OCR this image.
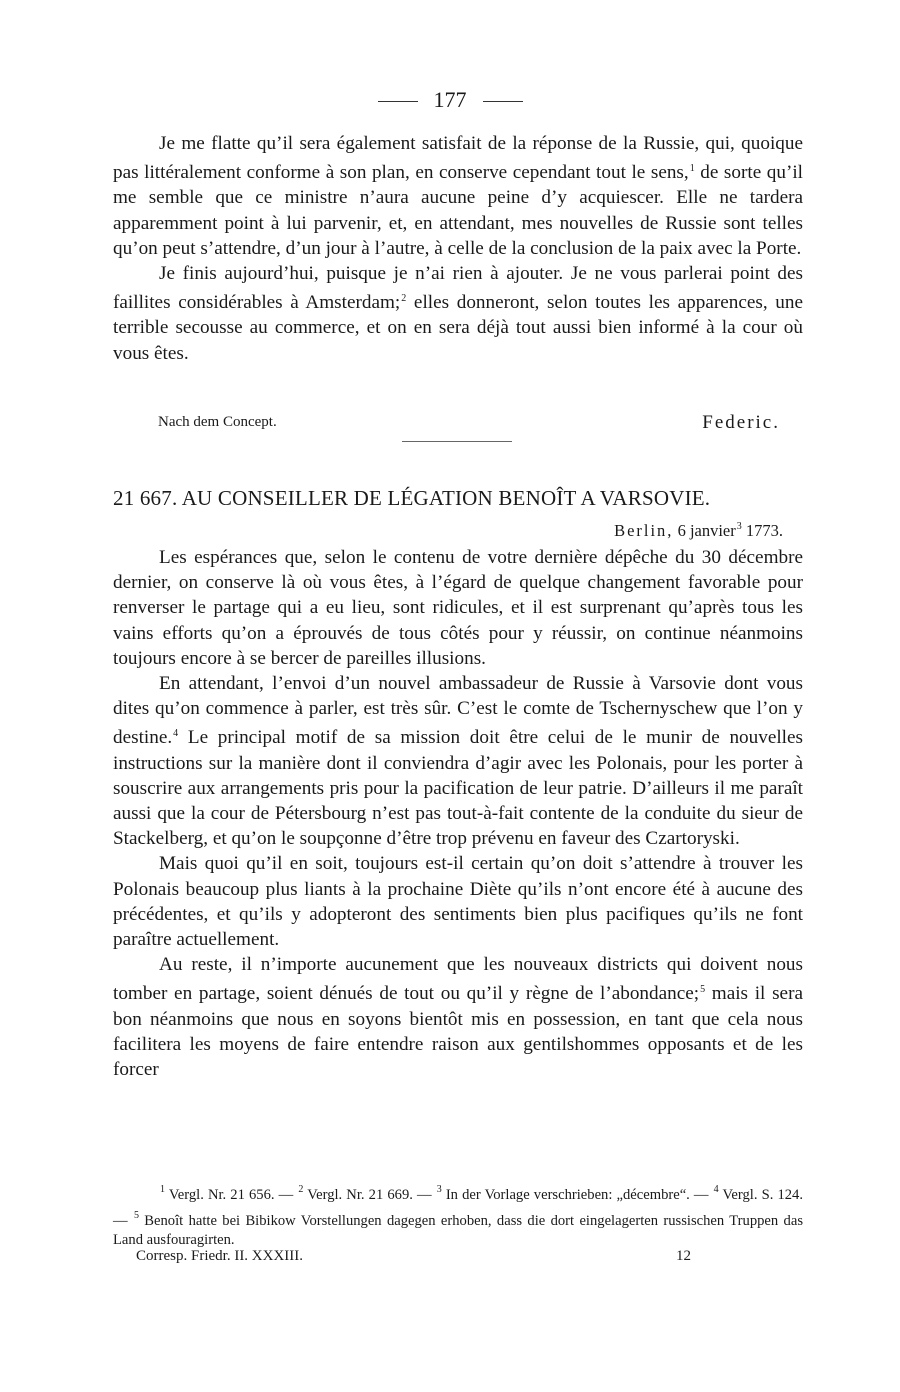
177

Je me flatte qu’il sera également satisfait de la réponse de la Russie, qui, quoique pas littéralement conforme à son plan, en conserve cependant tout le sens,$^1$ de sorte qu’il me semble que ce ministre n’aura aucune peine d’y acquiescer. Elle ne tardera apparemment point à lui parvenir, et, en attendant, mes nouvelles de Russie sont telles qu’on peut s’attendre, d’un jour à l’autre, à celle de la conclusion de la paix avec la Porte.

Je finis aujourd’hui, puisque je n’ai rien à ajouter. Je ne vous parlerai point des faillites considérables à Amsterdam;$^2$ elles donneront, selon toutes les apparences, une terrible secousse au commerce, et on en sera déjà tout aussi bien informé à la cour où vous êtes.

Nach dem Concept.	Federic.
21 667. AU CONSEILLER DE LÉGATION BENOÎT A VARSOVIE.
Berlin, 6 janvier$^3$ 1773.

Les espérances que, selon le contenu de votre dernière dépêche du 30 décembre dernier, on conserve là où vous êtes, à l’égard de quelque changement favorable pour renverser le partage qui a eu lieu, sont ridicules, et il est surprenant qu’après tous les vains efforts qu’on a éprouvés de tous côtés pour y réussir, on continue néanmoins toujours encore à se bercer de pareilles illusions.

En attendant, l’envoi d’un nouvel ambassadeur de Russie à Varsovie dont vous dites qu’on commence à parler, est très sûr. C’est le comte de Tschernyschew que l’on y destine.$^4$ Le principal motif de sa mission doit être celui de le munir de nouvelles instructions sur la manière dont il conviendra d’agir avec les Polonais, pour les porter à souscrire aux arrangements pris pour la pacification de leur patrie. D’ailleurs il me paraît aussi que la cour de Pétersbourg n’est pas tout-à-fait contente de la conduite du sieur de Stackelberg, et qu’on le soupçonne d’être trop prévenu en faveur des Czartoryski.

Mais quoi qu’il en soit, toujours est-il certain qu’on doit s’attendre à trouver les Polonais beaucoup plus liants à la prochaine Diète qu’ils n’ont encore été à aucune des précédentes, et qu’ils y adopteront des sentiments bien plus pacifiques qu’ils ne font paraître actuellement.

Au reste, il n’importe aucunement que les nouveaux districts qui doivent nous tomber en partage, soient dénués de tout ou qu’il y règne de l’abondance;$^5$ mais il sera bon néanmoins que nous en soyons bientôt mis en possession, en tant que cela nous facilitera les moyens de faire entendre raison aux gentilshommes opposants et de les forcer

$^1$ Vergl. Nr. 21 656. — $^2$ Vergl. Nr. 21 669. — $^3$ In der Vorlage verschrieben: „décembre“. — $^4$ Vergl. S. 124. — $^5$ Benoît hatte bei Bibikow Vorstellungen dagegen erhoben, dass die dort eingelagerten russischen Truppen das Land ausfouragirten.

Corresp. Friedr. II. XXXIII.	12
